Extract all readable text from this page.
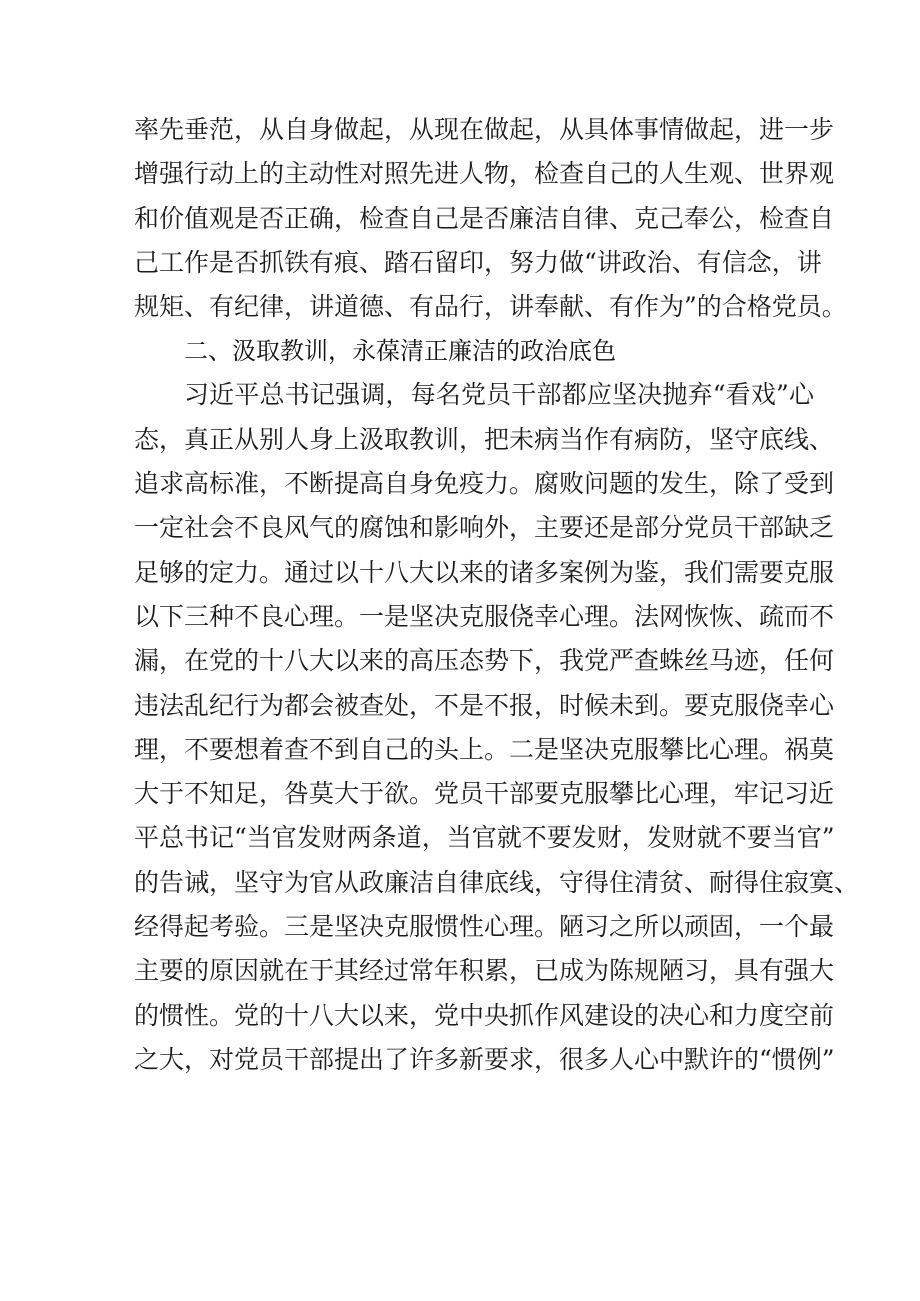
率先垂范，从自身做起，从现在做起，从具体事情做起，进一步
增强行动上的主动性对照先进人物，检查自己的人生观、世界观
和价值观是否正确，检查自己是否廉洁自律、克己奉公，检查自
己工作是否抓铁有痕、踏石留印，努力做“讲政治、有信念，讲
规矩、有纪律，讲道德、有品行，讲奉献、有作为”的合格党员。
二、汲取教训，永葆清正廉洁的政治底色
习近平总书记强调，每名党员干部都应坚决抛弃“看戏”心
态，真正从别人身上汲取教训，把未病当作有病防，坚守底线、
追求高标准，不断提高自身免疫力。腐败问题的发生，除了受到
一定社会不良风气的腐蚀和影响外，主要还是部分党员干部缺乏
足够的定力。通过以十八大以来的诸多案例为鉴，我们需要克服
以下三种不良心理。一是坚决克服侥幸心理。法网恢恢、疏而不
漏，在党的十八大以来的高压态势下，我党严查蛛丝马迹，任何
违法乱纪行为都会被查处，不是不报，时候未到。要克服侥幸心
理，不要想着查不到自己的头上。二是坚决克服攀比心理。祸莫
大于不知足，咎莫大于欲。党员干部要克服攀比心理，牢记习近
平总书记“当官发财两条道，当官就不要发财，发财就不要当官”
的告诫，坚守为官从政廉洁自律底线，守得住清贫、耐得住寂寞、
经得起考验。三是坚决克服惯性心理。陋习之所以顽固，一个最
主要的原因就在于其经过常年积累，已成为陈规陋习，具有强大
的惯性。党的十八大以来，党中央抓作风建设的决心和力度空前
之大，对党员干部提出了许多新要求，很多人心中默许的“惯例”
